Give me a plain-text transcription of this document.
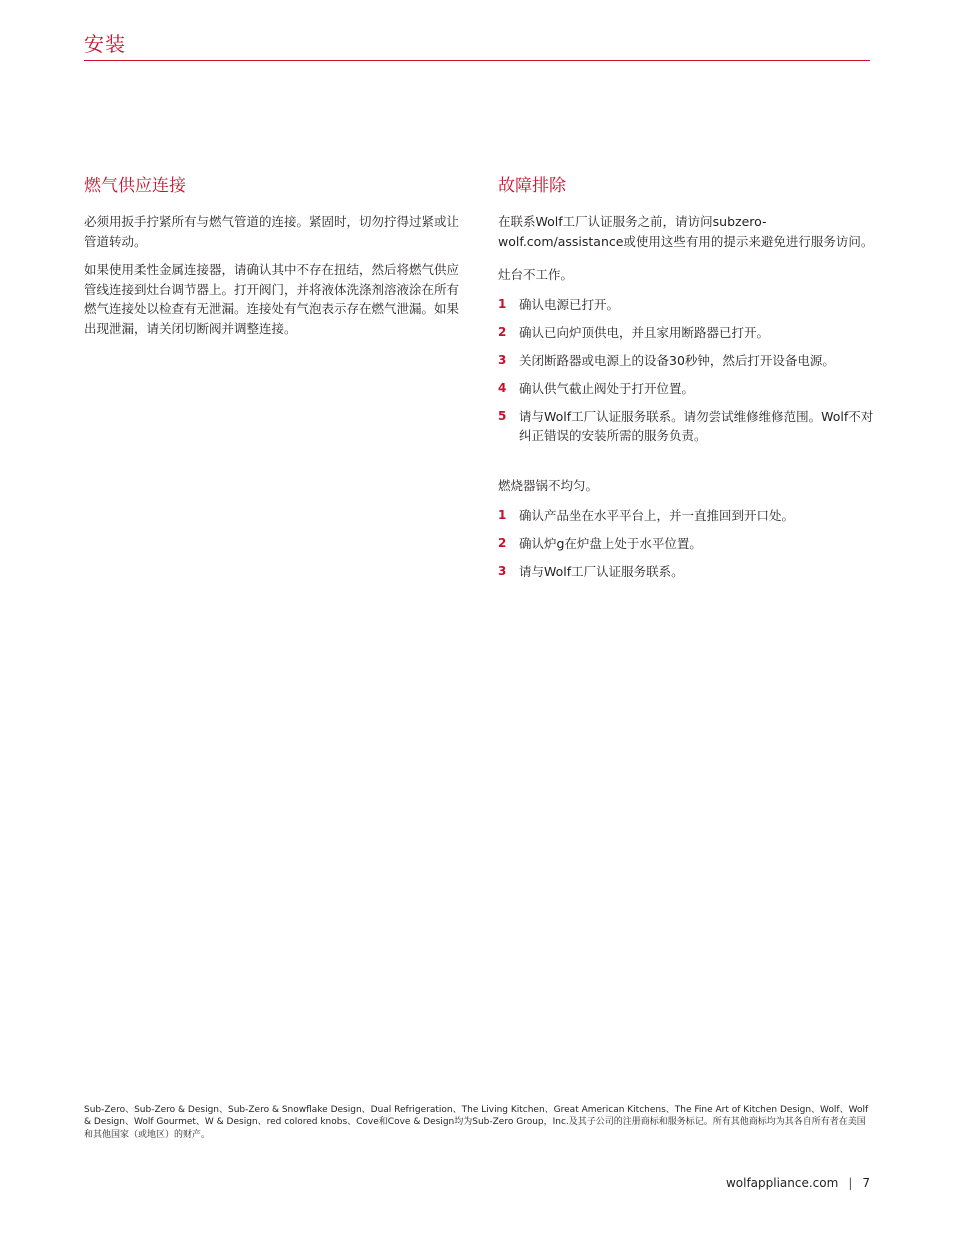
安装
燃气供应连接

必须用扳手拧紧所有与燃气管道的连接。紧固时，切勿拧得过紧或让管道转动。

如果使用柔性金属连接器，请确认其中不存在扭结，然后将燃气供应管线连接到灶台调节器上。打开阀门，并将液体洗涤剂溶液涂在所有燃气连接处以检查有无泄漏。连接处有气泡表示存在燃气泄漏。如果出现泄漏，请关闭切断阀并调整连接。

故障排除

在联系Wolf工厂认证服务之前，请访问subzero-wolf.com/assistance或使用这些有用的提示来避免进行服务访问。

灶台不工作。
1 确认电源已打开。
2 确认已向炉顶供电，并且家用断路器已打开。
3 关闭断路器或电源上的设备30秒钟，然后打开设备电源。
4 确认供气截止阀处于打开位置。
5 请与Wolf工厂认证服务联系。请勿尝试维修维修范围。Wolf不对纠正错误的安装所需的服务负责。
燃烧器锅不均匀。
1 确认产品坐在水平平台上，并一直推回到开口处。
2 确认炉g在炉盘上处于水平位置。
3 请与Wolf工厂认证服务联系。
Sub-Zero、Sub-Zero & Design、Sub-Zero & Snowflake Design、Dual Refrigeration、The Living Kitchen、Great American Kitchens、The Fine Art of Kitchen Design、Wolf、Wolf & Design、Wolf Gourmet、W & Design、red colored knobs、Cove和Cove & Design均为Sub-Zero Group，Inc.及其子公司的注册商标和服务标记。所有其他商标均为其各自所有者在美国和其他国家（或地区）的财产。
wolfappliance.com | 7
